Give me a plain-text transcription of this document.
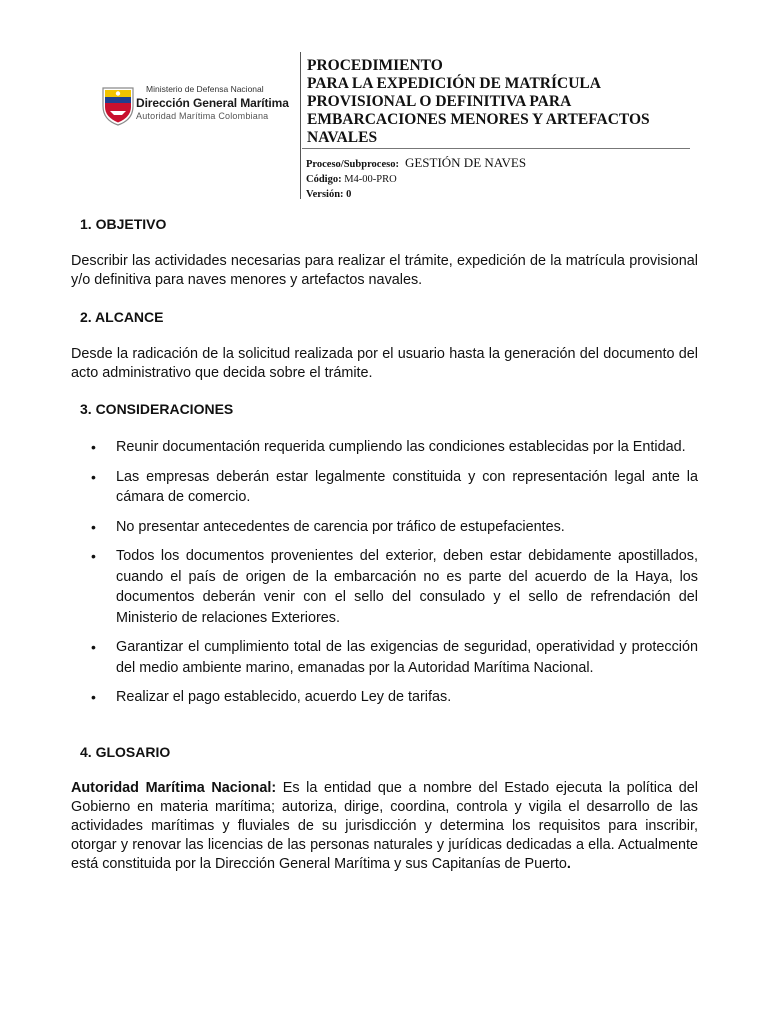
Ministerio de Defensa Nacional
Dirección General Marítima
Autoridad Marítima Colombiana
PROCEDIMIENTO
PARA LA EXPEDICIÓN DE MATRÍCULA
PROVISIONAL O DEFINITIVA PARA
EMBARCACIONES MENORES Y ARTEFACTOS
NAVALES
Proceso/Subproceso: GESTIÓN DE NAVES
Código: M4-00-PRO
Versión: 0
1. OBJETIVO

Describir las actividades necesarias para realizar el trámite, expedición de la matrícula provisional y/o definitiva para naves menores y artefactos navales.

2. ALCANCE

Desde la radicación de la solicitud realizada por el usuario hasta la generación del documento del acto administrativo que decida sobre el trámite.

3. CONSIDERACIONES
• Reunir documentación requerida cumpliendo las condiciones establecidas por la Entidad.
• Las empresas deberán estar legalmente constituida y con representación legal ante la cámara de comercio.
• No presentar antecedentes de carencia por tráfico de estupefacientes.
• Todos los documentos provenientes del exterior, deben estar debidamente apostillados, cuando el país de origen de la embarcación no es parte del acuerdo de la Haya, los documentos deberán venir con el sello del consulado y el sello de refrendación del Ministerio de relaciones Exteriores.
• Garantizar el cumplimiento total de las exigencias de seguridad, operatividad y protección del medio ambiente marino, emanadas por la Autoridad Marítima Nacional.
• Realizar el pago establecido, acuerdo Ley de tarifas.
4. GLOSARIO

Autoridad Marítima Nacional: Es la entidad que a nombre del Estado ejecuta la política del Gobierno en materia marítima; autoriza, dirige, coordina, controla y vigila el desarrollo de las actividades marítimas y fluviales de su jurisdicción y determina los requisitos para inscribir, otorgar y renovar las licencias de las personas naturales y jurídicas dedicadas a ella. Actualmente está constituida por la Dirección General Marítima y sus Capitanías de Puerto.
